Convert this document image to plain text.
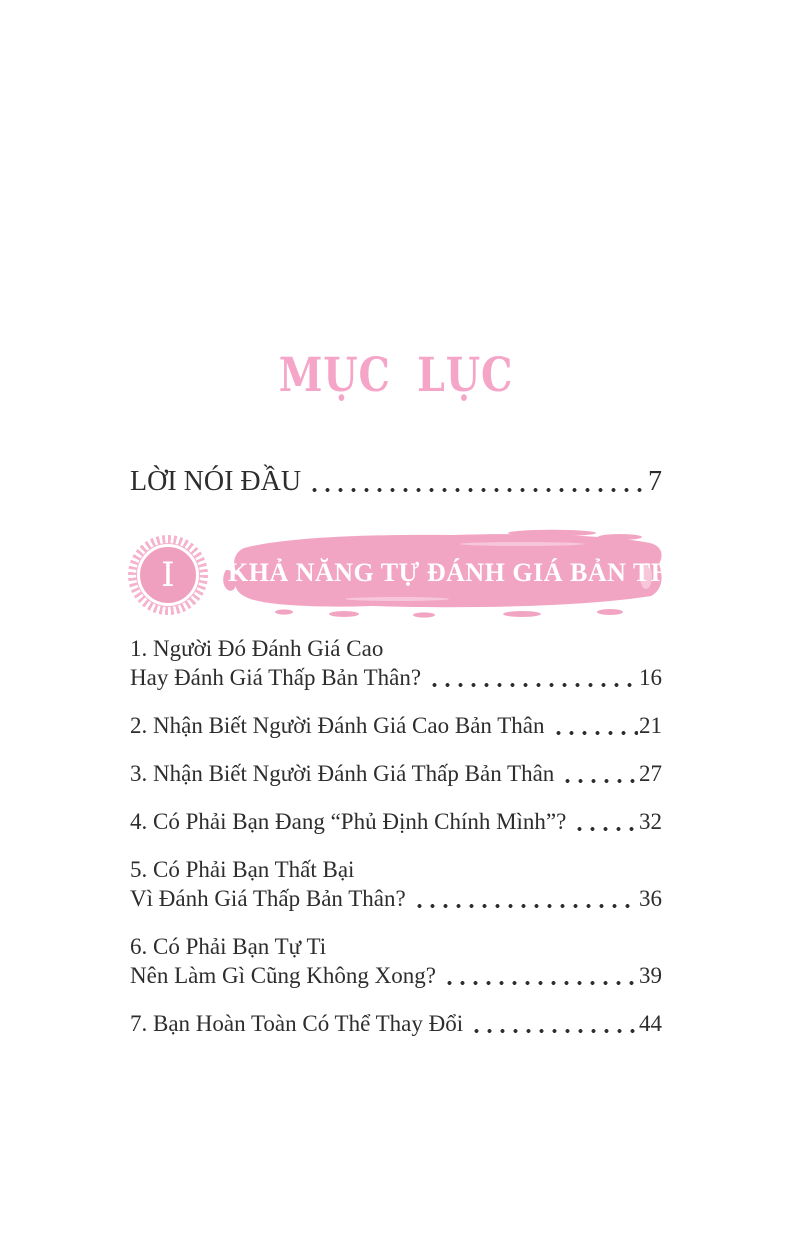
MỤC LỤC
LỜI NÓI ĐẦU	7
I KHẢ NĂNG TỰ ĐÁNH GIÁ BẢN THÂN
1. Người Đó Đánh Giá Cao
Hay Đánh Giá Thấp Bản Thân?	16
2. Nhận Biết Người Đánh Giá Cao Bản Thân	21
3. Nhận Biết Người Đánh Giá Thấp Bản Thân	27
4. Có Phải Bạn Đang “Phủ Định Chính Mình”?	32
5. Có Phải Bạn Thất Bại
Vì Đánh Giá Thấp Bản Thân?	36
6. Có Phải Bạn Tự Ti
Nên Làm Gì Cũng Không Xong?	39
7. Bạn Hoàn Toàn Có Thể Thay Đổi	44
